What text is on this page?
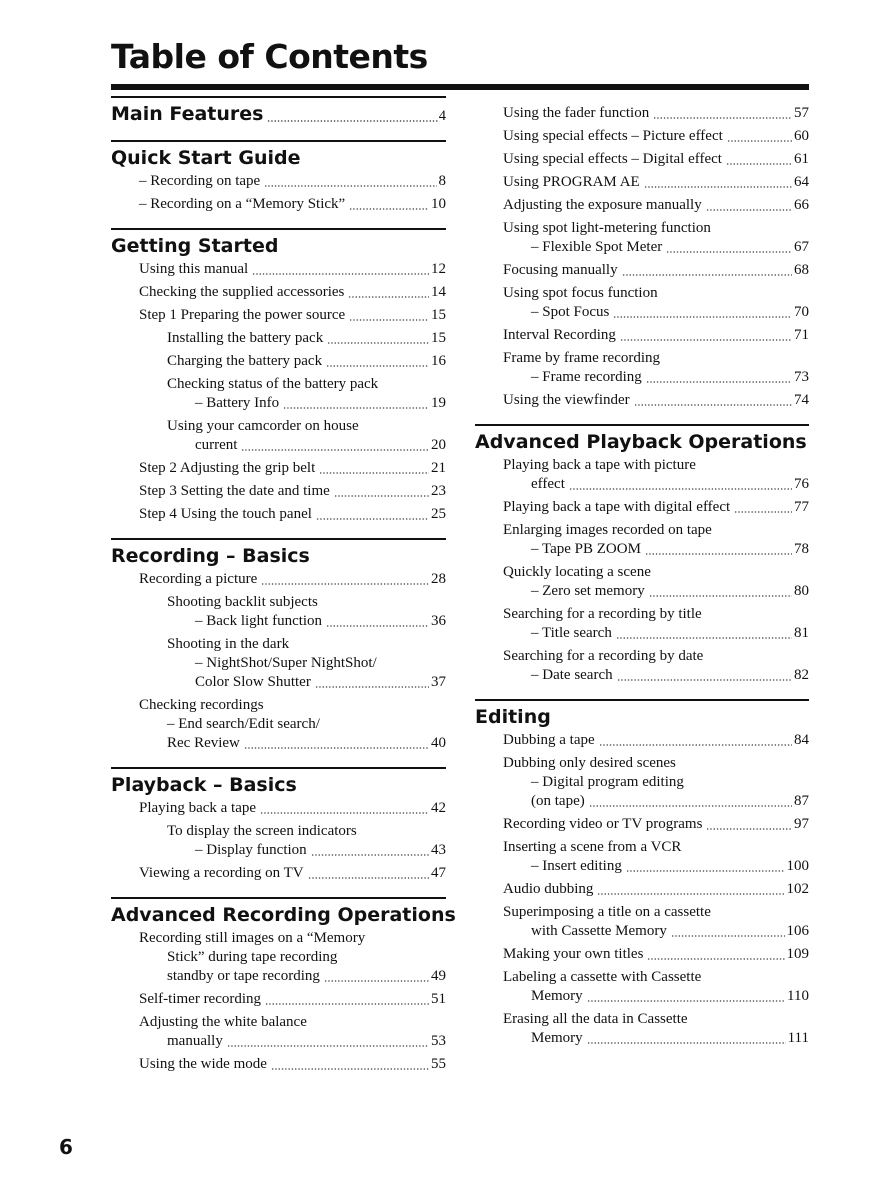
Table of Contents
Main Features	4
Quick Start Guide
– Recording on tape	8
– Recording on a “Memory Stick”	10
Getting Started
Using this manual	12
Checking the supplied accessories	14
Step 1 Preparing the power source	15
Installing the battery pack	15
Charging the battery pack	16
Checking status of the battery pack
– Battery Info	19
Using your camcorder on house
current	20
Step 2 Adjusting the grip belt	21
Step 3 Setting the date and time	23
Step 4 Using the touch panel	25
Recording – Basics
Recording a picture	28
Shooting backlit subjects
– Back light function	36
Shooting in the dark
– NightShot/Super NightShot/
Color Slow Shutter	37
Checking recordings
– End search/Edit search/
Rec Review	40
Playback – Basics
Playing back a tape	42
To display the screen indicators
– Display function	43
Viewing a recording on TV	47
Advanced Recording Operations
Recording still images on a “Memory
Stick” during tape recording
standby or tape recording	49
Self-timer recording	51
Adjusting the white balance
manually	53
Using the wide mode	55
Using the fader function	57
Using special effects – Picture effect	60
Using special effects – Digital effect	61
Using PROGRAM AE	64
Adjusting the exposure manually	66
Using spot light-metering function
– Flexible Spot Meter	67
Focusing manually	68
Using spot focus function
– Spot Focus	70
Interval Recording	71
Frame by frame recording
– Frame recording	73
Using the viewfinder	74
Advanced Playback Operations
Playing back a tape with picture
effect	76
Playing back a tape with digital effect	77
Enlarging images recorded on tape
– Tape PB ZOOM	78
Quickly locating a scene
– Zero set memory	80
Searching for a recording by title
– Title search	81
Searching for a recording by date
– Date search	82
Editing
Dubbing a tape	84
Dubbing only desired scenes
– Digital program editing
(on tape)	87
Recording video or TV programs	97
Inserting a scene from a VCR
– Insert editing	100
Audio dubbing	102
Superimposing a title on a cassette
with Cassette Memory	106
Making your own titles	109
Labeling a cassette with Cassette
Memory	110
Erasing all the data in Cassette
Memory	111
6
